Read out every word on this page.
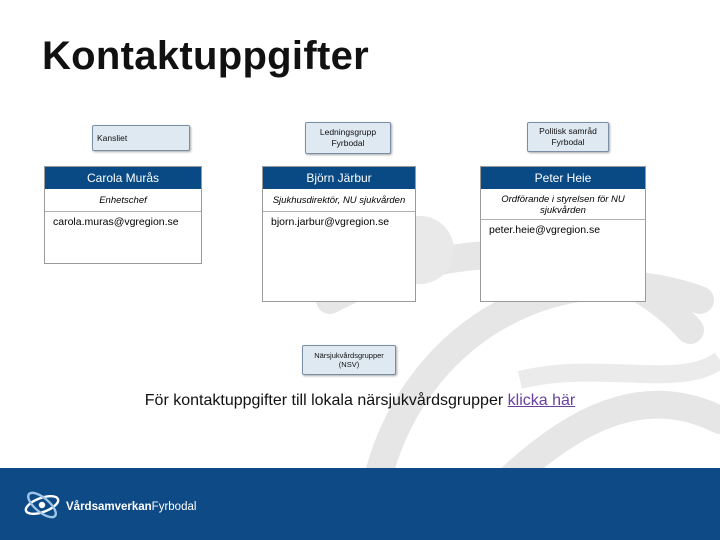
Kontaktuppgifter
Kansliet
Ledningsgrupp Fyrbodal
Politisk samråd Fyrbodal
Carola Murås
Enhetschef
carola.muras@vgregion.se
Björn Järbur
Sjukhusdirektör, NU sjukvården
bjorn.jarbur@vgregion.se
Peter Heie
Ordförande i styrelsen för NU sjukvården
peter.heie@vgregion.se
Närsjukvårdsgrupper (NSV)
För kontaktuppgifter till lokala närsjukvårdsgrupper klicka här
VårdsamverkanFyrbodal
